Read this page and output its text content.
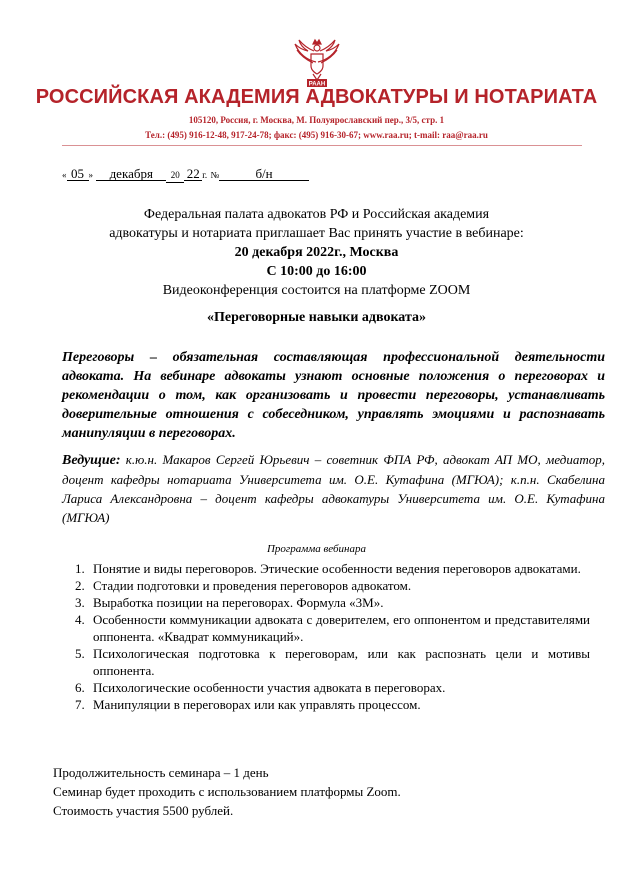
РААН
РОССИЙСКАЯ АКАДЕМИЯ АДВОКАТУРЫ И НОТАРИАТА
105120, Россия, г. Москва, М. Полуярославский пер., 3/5, стр. 1
Тел.: (495) 916-12-48, 917-24-78; факс: (495) 916-30-67; www.raa.ru; t-mail: raa@raa.ru
« 05 » декабря 20 22 г. №	б/н
Федеральная палата адвокатов РФ и Российская академия
адвокатуры и нотариата приглашает Вас принять участие в вебинаре:
20 декабря 2022г., Москва
С 10:00 до 16:00
Видеоконференция состоится на платформе ZOOM
«Переговорные навыки адвоката»
Переговоры – обязательная составляющая профессиональной деятельности адвоката. На вебинаре адвокаты узнают основные положения о переговорах и рекомендации о том, как организовать и провести переговоры, устанавливать доверительные отношения с собеседником, управлять эмоциями и распознавать манипуляции в переговорах.
Ведущие: к.ю.н. Макаров Сергей Юрьевич – советник ФПА РФ, адвокат АП МО, медиатор, доцент кафедры нотариата Университета им. О.Е. Кутафина (МГЮА); к.п.н. Скабелина Лариса Александровна – доцент кафедры адвокатуры Университета им. О.Е. Кутафина (МГЮА)
Программа вебинара
1. Понятие и виды переговоров. Этические особенности ведения переговоров адвокатами.
2. Стадии подготовки и проведения переговоров адвокатом.
3. Выработка позиции на переговорах. Формула «3М».
4. Особенности коммуникации адвоката с доверителем, его оппонентом и представителями оппонента. «Квадрат коммуникаций».
5. Психологическая подготовка к переговорам, или как распознать цели и мотивы оппонента.
6. Психологические особенности участия адвоката в переговорах.
7. Манипуляции в переговорах или как управлять процессом.
Продолжительность семинара – 1 день
Семинар будет проходить с использованием платформы Zoom.
Стоимость участия 5500 рублей.
